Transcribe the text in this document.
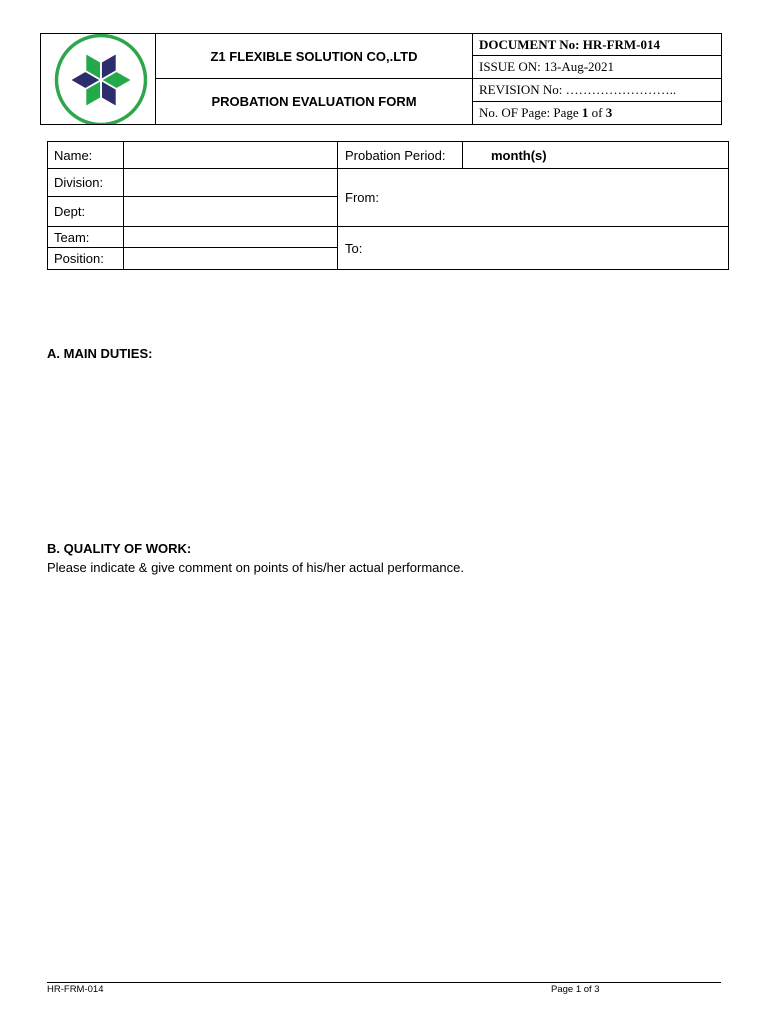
	Z1 FLEXIBLE SOLUTION CO,.LTD	DOCUMENT No: HR-FRM-014
		ISSUE ON: 13-Aug-2021
	PROBATION EVALUATION FORM	REVISION No: ……………………..
		No. OF Page: Page 1 of 3
Name:		Probation Period:	month(s)
Division:		From:	
Dept:			
Team:		To:	
Position:			
A. MAIN DUTIES:
B. QUALITY OF WORK:
Please indicate & give comment on points of his/her actual performance.
HR-FRM-014	Page 1 of 3
